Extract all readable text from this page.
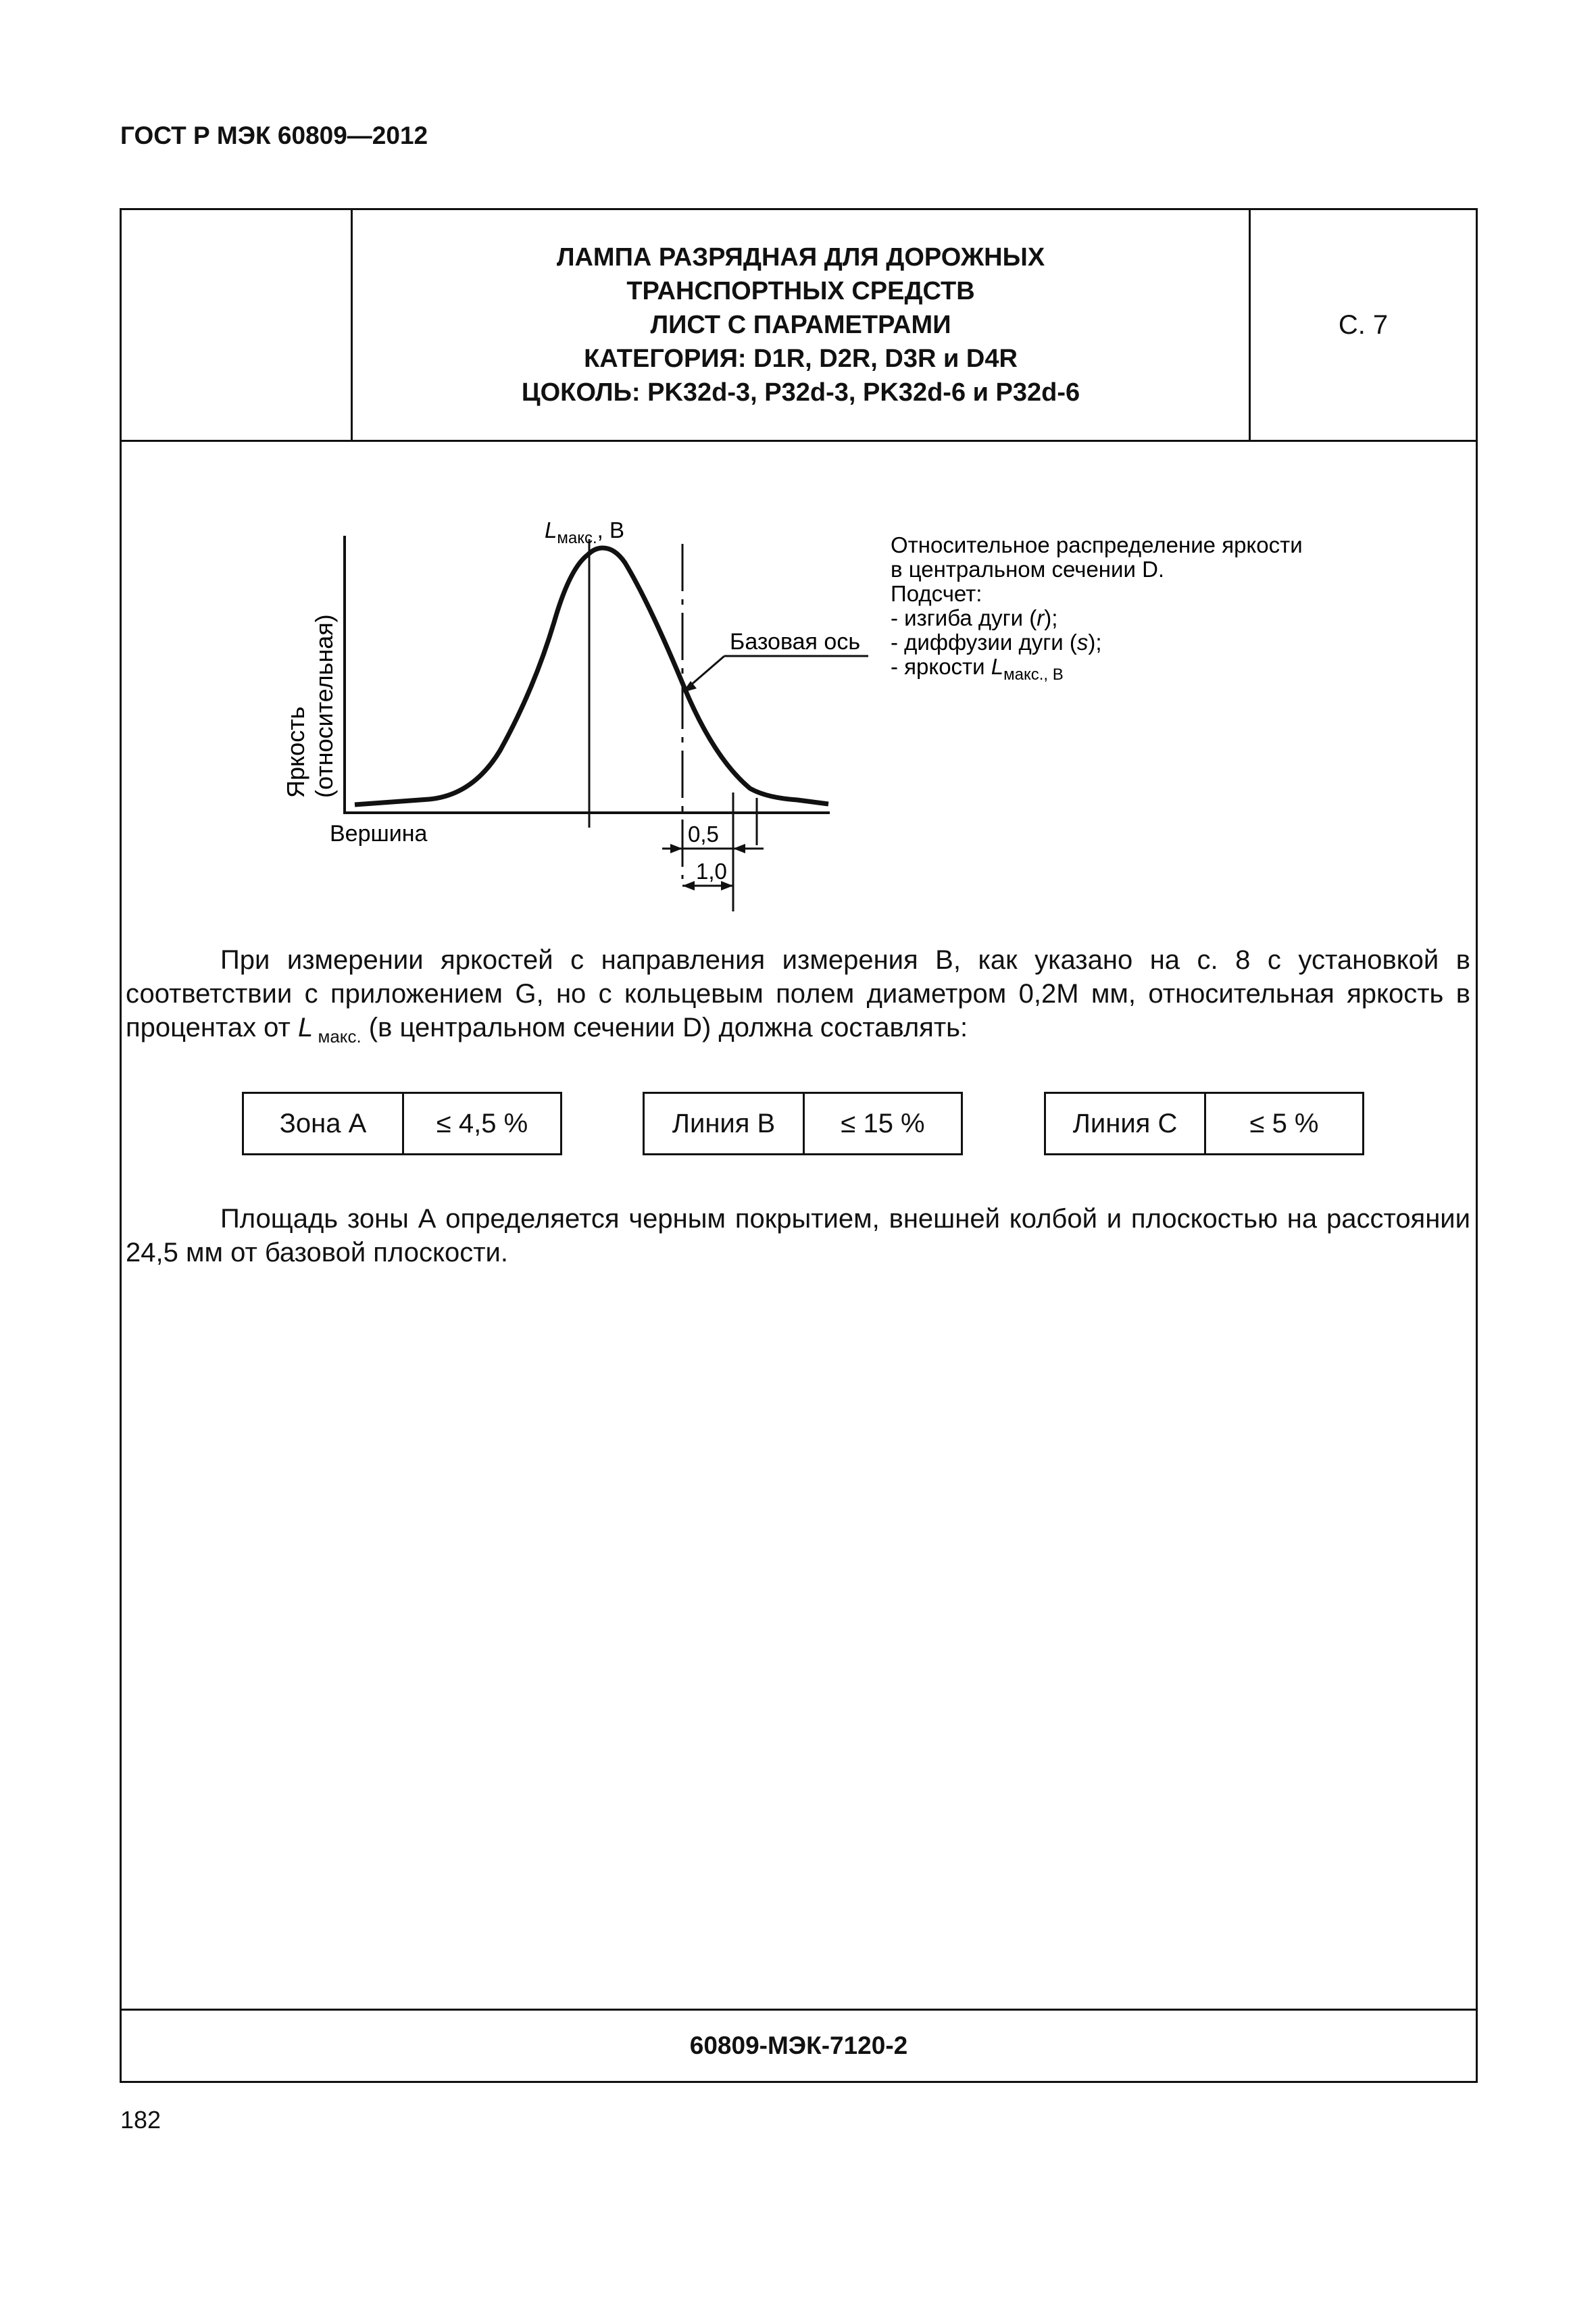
ГОСТ Р МЭК 60809—2012
ЛАМПА РАЗРЯДНАЯ ДЛЯ ДОРОЖНЫХ
ТРАНСПОРТНЫХ СРЕДСТВ
ЛИСТ С ПАРАМЕТРАМИ
КАТЕГОРИЯ: D1R, D2R, D3R и D4R
ЦОКОЛЬ: PK32d-3, P32d-3, PK32d-6 и P32d-6
С. 7
Яркость (относительная)
0,5
1,0
$L_{макс.}$, В
Базовая ось
Вершина
Относительное распределение яркости
в центральном сечении D.
Подсчет:
- изгиба дуги (r);
- диффузии дуги (s);
- яркости $L_{макс., В}$
При измерении яркостей с направления измерения B, как указано на с. 8 с установкой в соответствии с приложением G, но с кольцевым полем диаметром 0,2М мм, относительная яркость в процентах от L $_{макс.}$ (в центральном сечении D) должна составлять:
Зона А	≤ 4,5 %	Линия B	≤ 15 %	Линия C	≤ 5 %
Площадь зоны А определяется черным покрытием, внешней колбой и плоскостью на расстоянии 24,5 мм от базовой плоскости.
60809-МЭК-7120-2
182
